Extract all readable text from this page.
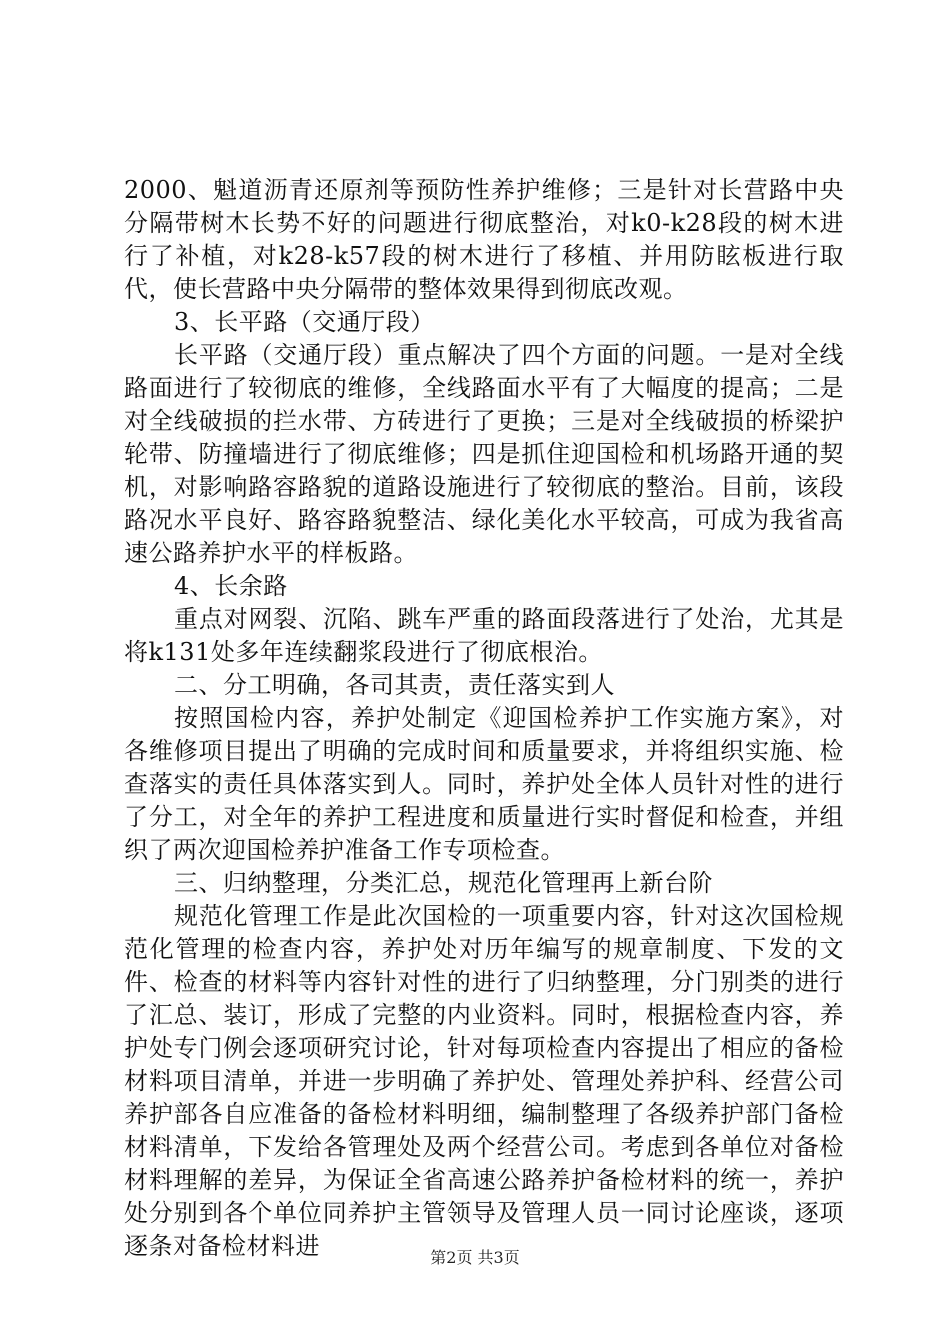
2000、魁道沥青还原剂等预防性养护维修；三是针对长营路中央分隔带树木长势不好的问题进行彻底整治，对k0-k28段的树木进行了补植，对k28-k57段的树木进行了移植、并用防眩板进行取代，使长营路中央分隔带的整体效果得到彻底改观。

3、长平路（交通厅段）

长平路（交通厅段）重点解决了四个方面的问题。一是对全线路面进行了较彻底的维修，全线路面水平有了大幅度的提高；二是对全线破损的拦水带、方砖进行了更换；三是对全线破损的桥梁护轮带、防撞墙进行了彻底维修；四是抓住迎国检和机场路开通的契机，对影响路容路貌的道路设施进行了较彻底的整治。目前，该段路况水平良好、路容路貌整洁、绿化美化水平较高，可成为我省高速公路养护水平的样板路。

4、长余路

重点对网裂、沉陷、跳车严重的路面段落进行了处治，尤其是将k131处多年连续翻浆段进行了彻底根治。

二、分工明确，各司其责，责任落实到人

按照国检内容，养护处制定《迎国检养护工作实施方案》，对各维修项目提出了明确的完成时间和质量要求，并将组织实施、检查落实的责任具体落实到人。同时，养护处全体人员针对性的进行了分工，对全年的养护工程进度和质量进行实时督促和检查，并组织了两次迎国检养护准备工作专项检查。

三、归纳整理，分类汇总，规范化管理再上新台阶

规范化管理工作是此次国检的一项重要内容，针对这次国检规范化管理的检查内容，养护处对历年编写的规章制度、下发的文件、检查的材料等内容针对性的进行了归纳整理，分门别类的进行了汇总、装订，形成了完整的内业资料。同时，根据检查内容，养护处专门例会逐项研究讨论，针对每项检查内容提出了相应的备检材料项目清单，并进一步明确了养护处、管理处养护科、经营公司养护部各自应准备的备检材料明细，编制整理了各级养护部门备检材料清单，下发给各管理处及两个经营公司。考虑到各单位对备检材料理解的差异，为保证全省高速公路养护备检材料的统一，养护处分别到各个单位同养护主管领导及管理人员一同讨论座谈，逐项逐条对备检材料进	第2页 共3页
